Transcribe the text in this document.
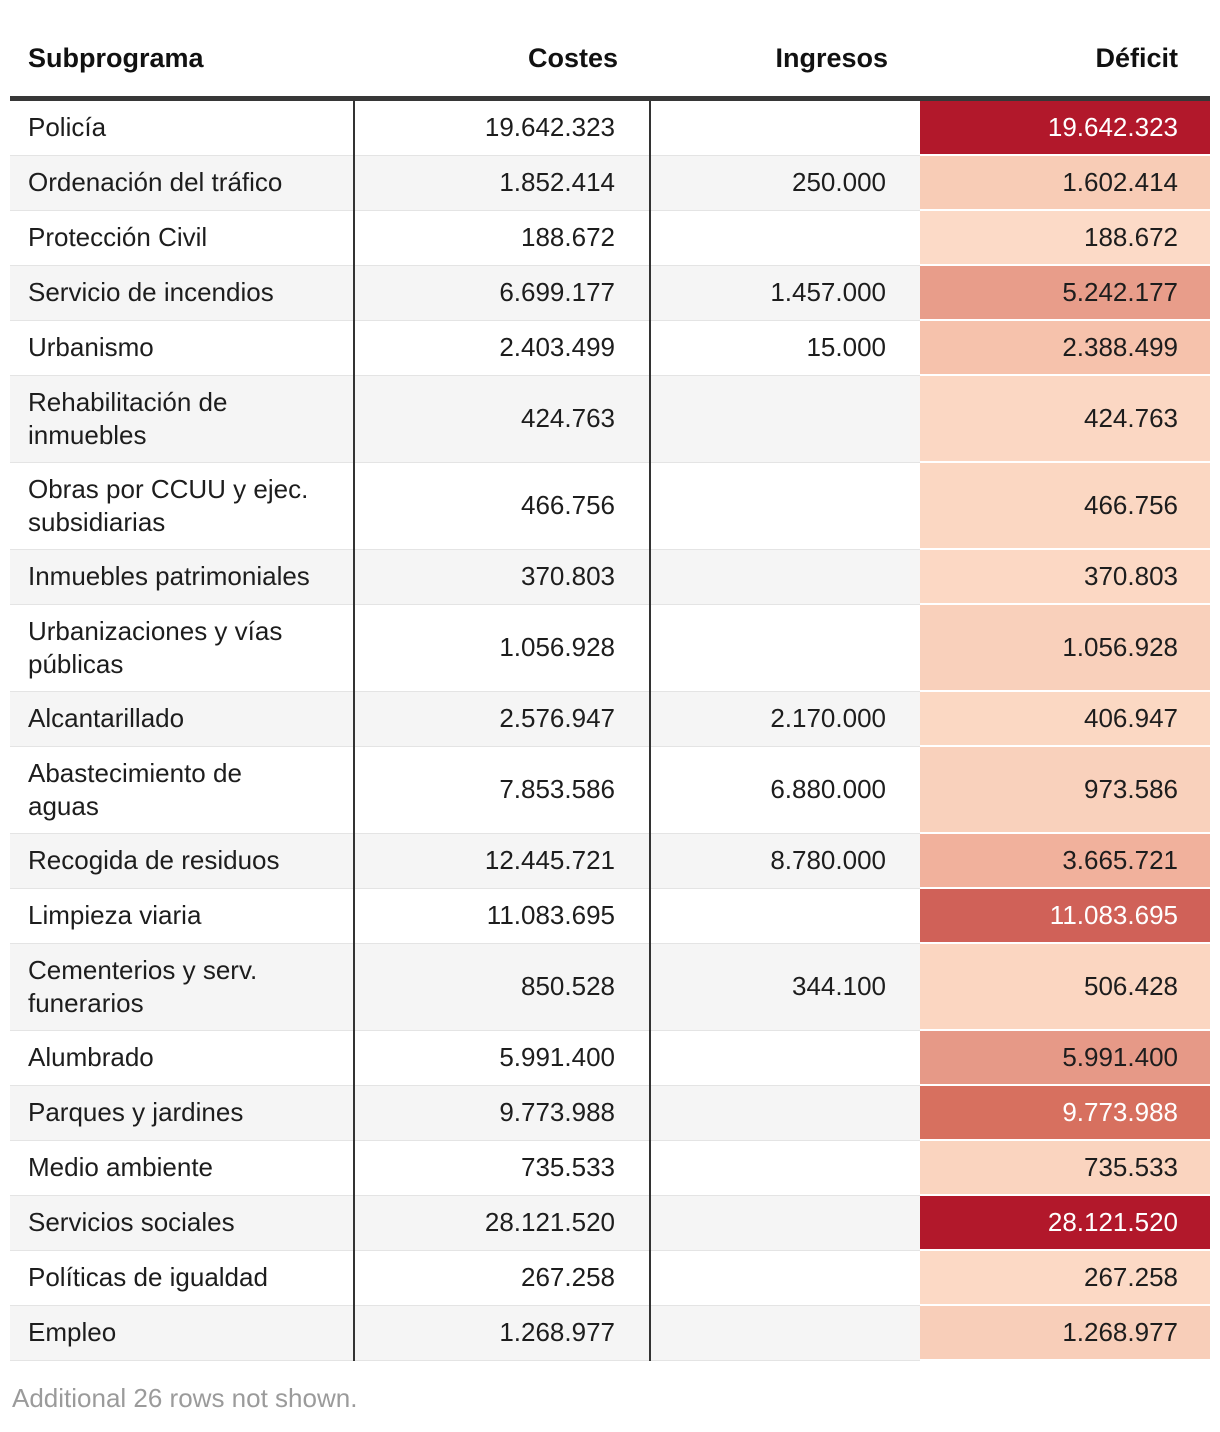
Subprograma	Costes	Ingresos	Déficit
Policía	19.642.323		19.642.323
Ordenación del tráfico	1.852.414	250.000	1.602.414
Protección Civil	188.672		188.672
Servicio de incendios	6.699.177	1.457.000	5.242.177
Urbanismo	2.403.499	15.000	2.388.499
Rehabilitación de inmuebles	424.763		424.763
Obras por CCUU y ejec. subsidiarias	466.756		466.756
Inmuebles patrimoniales	370.803		370.803
Urbanizaciones y vías públicas	1.056.928		1.056.928
Alcantarillado	2.576.947	2.170.000	406.947
Abastecimiento de aguas	7.853.586	6.880.000	973.586
Recogida de residuos	12.445.721	8.780.000	3.665.721
Limpieza viaria	11.083.695		11.083.695
Cementerios y serv. funerarios	850.528	344.100	506.428
Alumbrado	5.991.400		5.991.400
Parques y jardines	9.773.988		9.773.988
Medio ambiente	735.533		735.533
Servicios sociales	28.121.520		28.121.520
Políticas de igualdad	267.258		267.258
Empleo	1.268.977		1.268.977
Additional 26 rows not shown.
